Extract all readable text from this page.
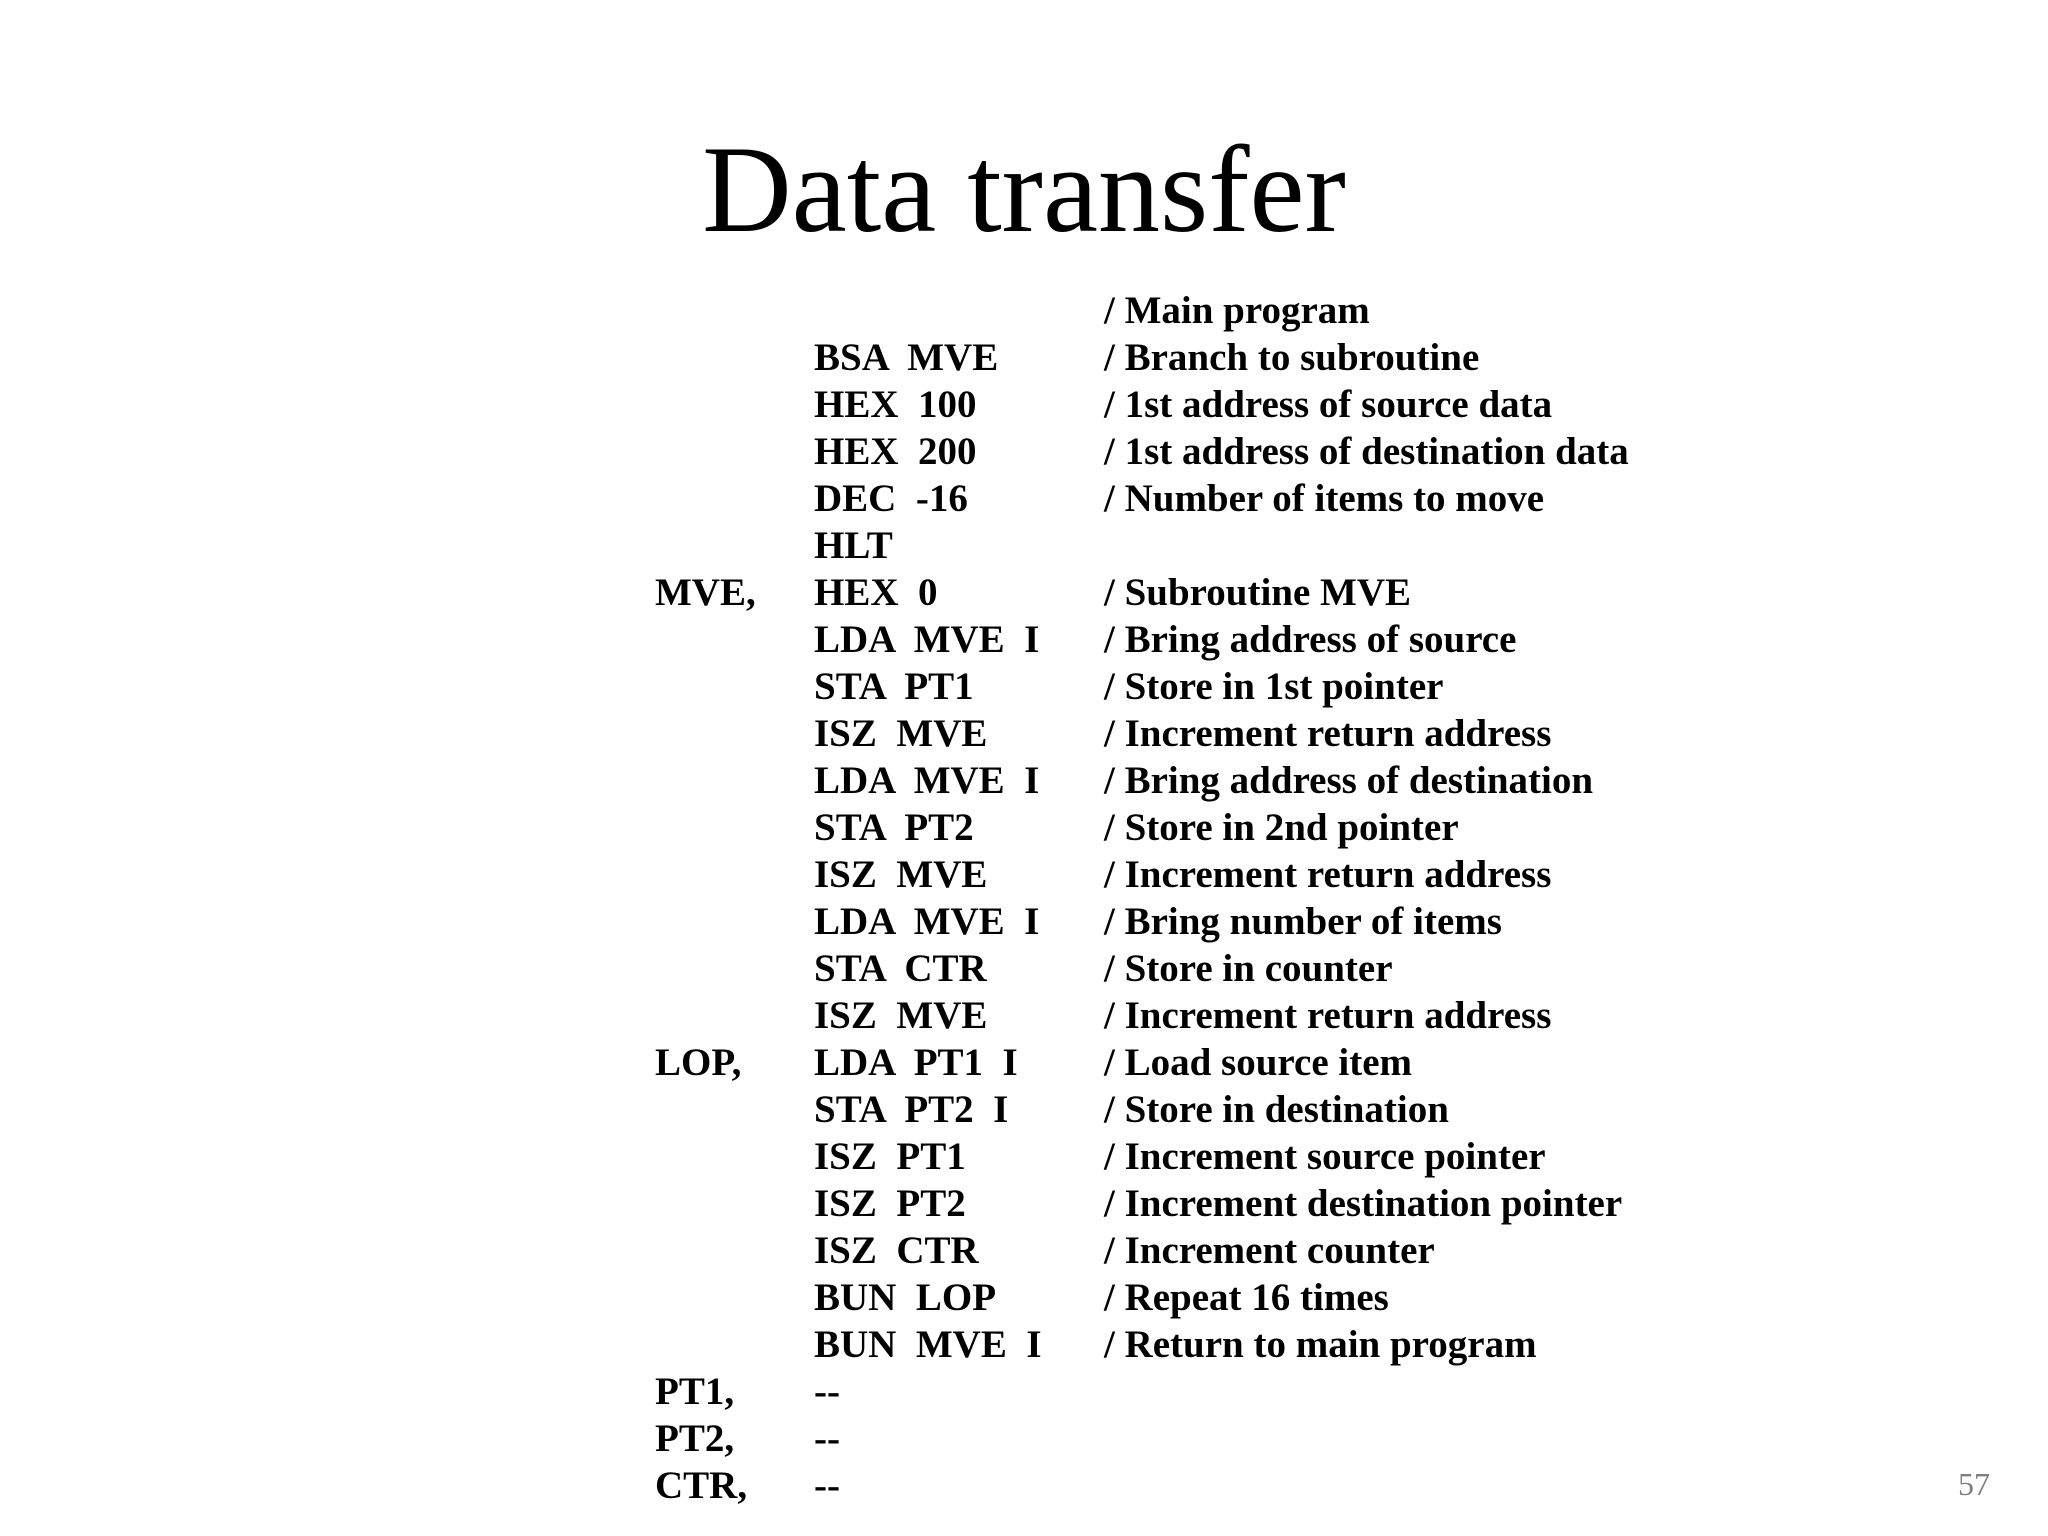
Data transfer
/ Main program
BSA  MVE	/ Branch to subroutine
HEX  100	/ 1st address of source data
HEX  200	/ 1st address of destination data
DEC  -16	/ Number of items to move
HLT
MVE, HEX  0	/ Subroutine MVE
LDA  MVE  I / Bring address of source
STA  PT1	/ Store in 1st pointer
ISZ  MVE	/ Increment return address
LDA  MVE  I / Bring address of destination
STA  PT2	/ Store in 2nd pointer
ISZ  MVE	/ Increment return address
LDA  MVE  I / Bring number of items
STA  CTR	/ Store in counter
ISZ  MVE	/ Increment return address
LOP, LDA  PT1  I / Load source item
STA  PT2  I / Store in destination
ISZ  PT1	/ Increment source pointer
ISZ  PT2	/ Increment destination pointer
ISZ  CTR	/ Increment counter
BUN  LOP	/ Repeat 16 times
BUN  MVE  I / Return to main program
PT1, --
PT2, --
CTR, --	57
